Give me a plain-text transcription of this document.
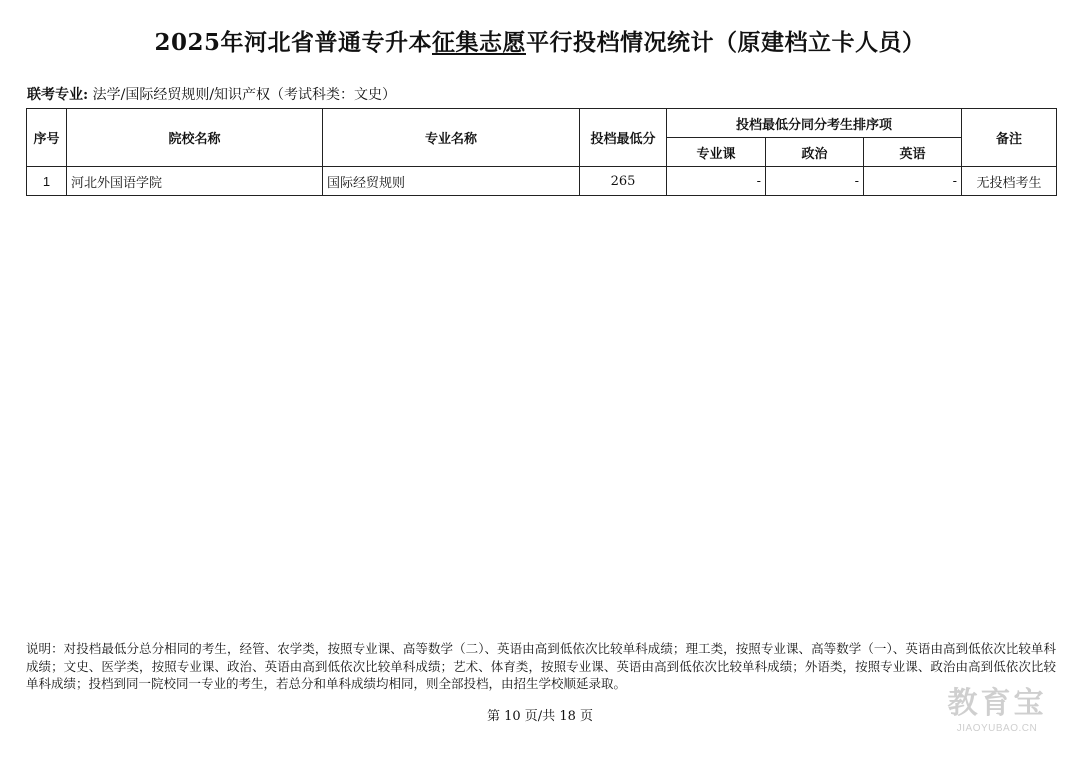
2025年河北省普通专升本征集志愿平行投档情况统计（原建档立卡人员）
联考专业: 法学/国际经贸规则/知识产权（考试科类：文史）
序号	院校名称	专业名称	投档最低分	投档最低分同分考生排序项			备注
				专业课	政治	英语	
1	河北外国语学院	国际经贸规则	265	-	-	-	无投档考生
说明：对投档最低分总分相同的考生，经管、农学类，按照专业课、高等数学（二）、英语由高到低依次比较单科成绩；理工类，按照专业课、高等数学（一）、英语由高到低依次比较单科成绩；文史、医学类，按照专业课、政治、英语由高到低依次比较单科成绩；艺术、体育类，按照专业课、英语由高到低依次比较单科成绩；外语类，按照专业课、政治由高到低依次比较单科成绩；投档到同一院校同一专业的考生，若总分和单科成绩均相同，则全部投档，由招生学校顺延录取。
第 10 页/共 18 页	教育宝
JIAOYUBAO.CN
